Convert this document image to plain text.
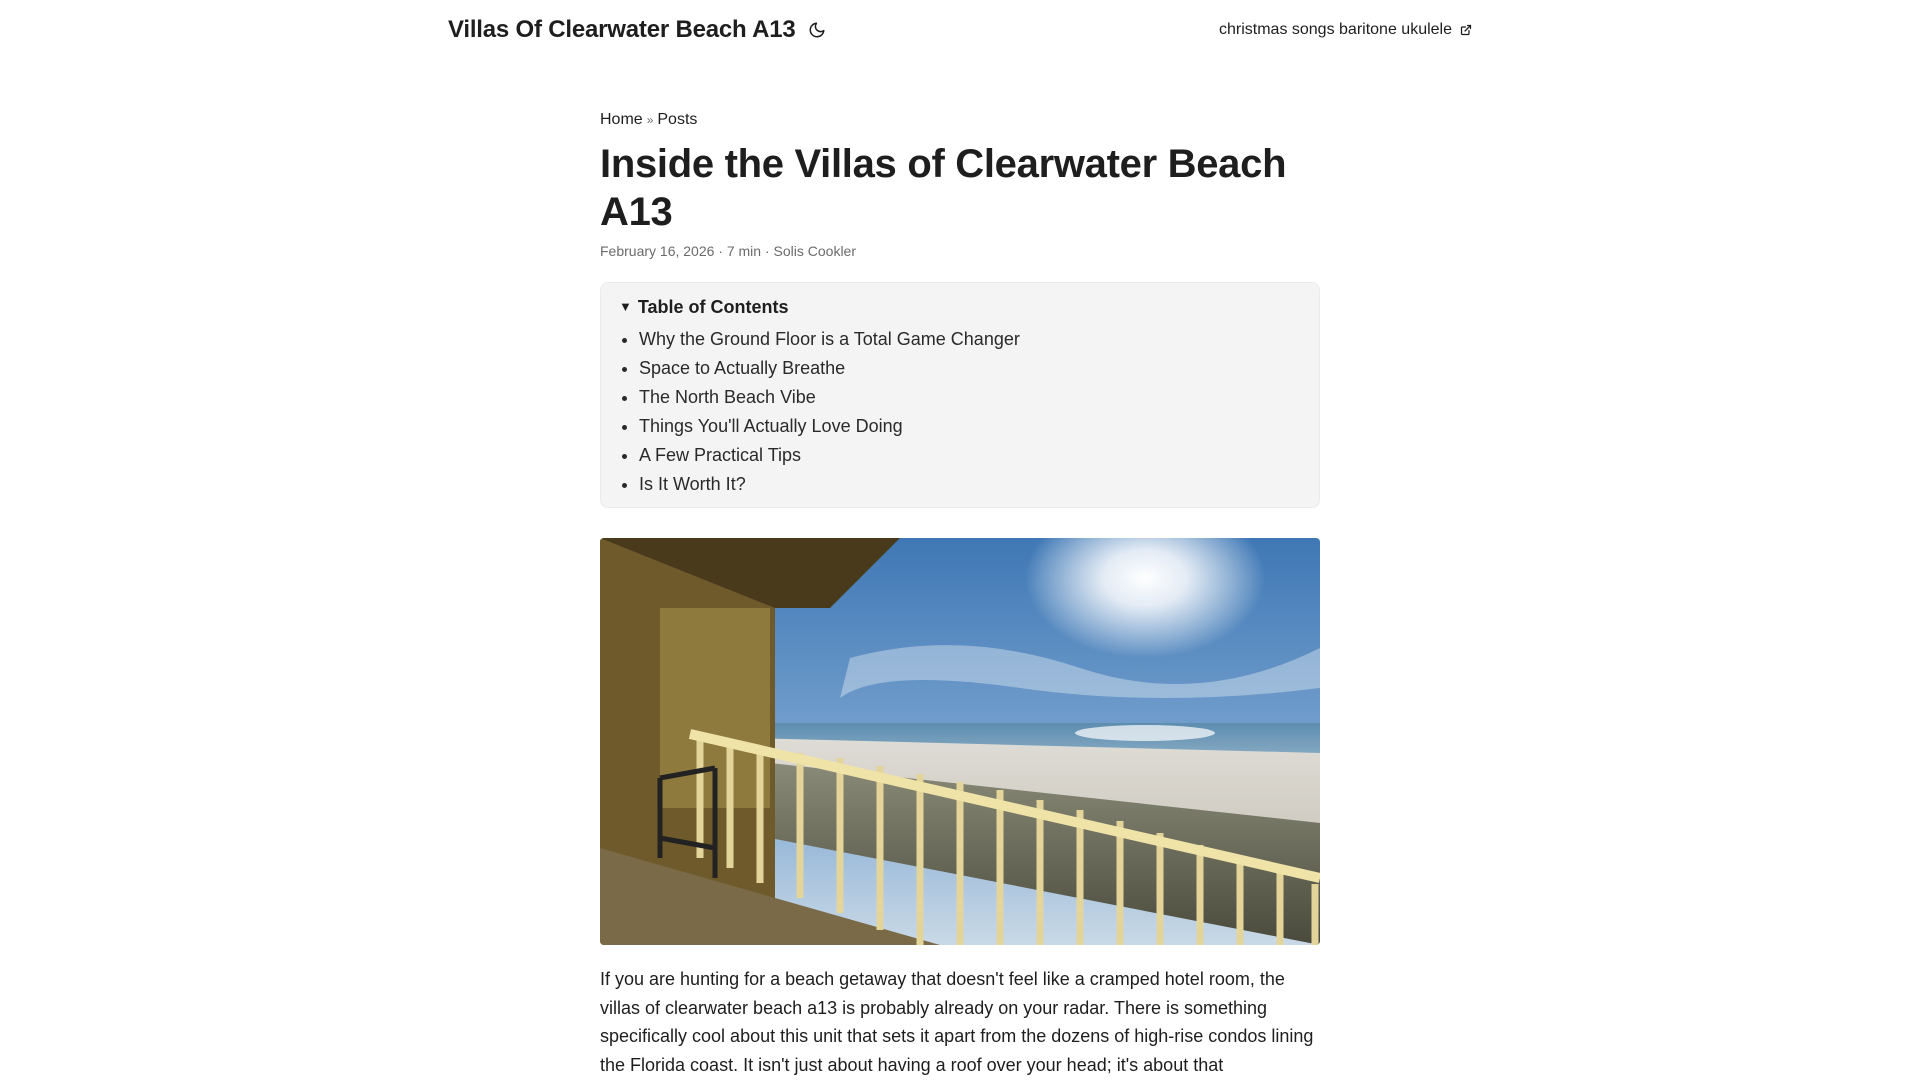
Villas Of Clearwater Beach A13	christmas songs baritone ukulele
Home » Posts
Inside the Villas of Clearwater Beach A13
February 16, 2026 · 7 min · Solis Cookler
▼ Table of Contents
• Why the Ground Floor is a Total Game Changer
• Space to Actually Breathe
• The North Beach Vibe
• Things You'll Actually Love Doing
• A Few Practical Tips
• Is It Worth It?

If you are hunting for a beach getaway that doesn't feel like a cramped hotel room, the villas of clearwater beach a13 is probably already on your radar. There is something specifically cool about this unit that sets it apart from the dozens of high-rise condos lining the Florida coast. It isn't just about having a roof over your head; it's about that
